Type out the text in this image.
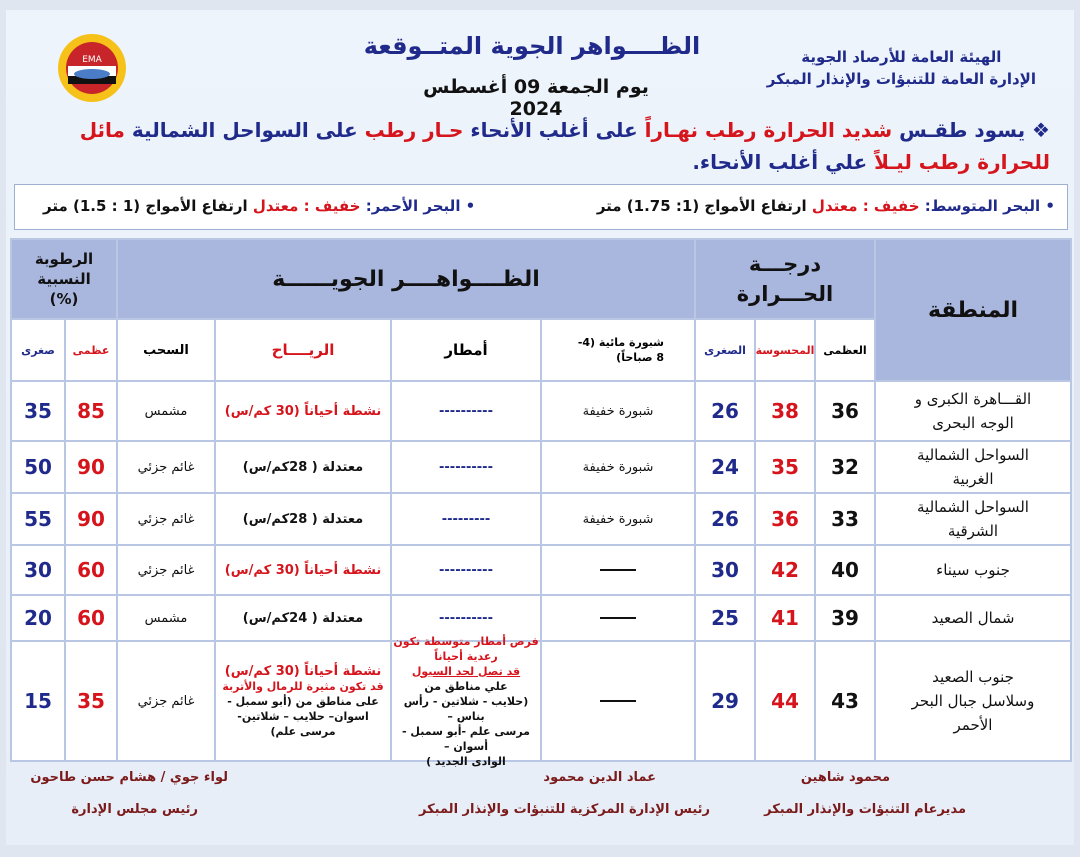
الهيئة العامة للأرصاد الجوية
الإدارة العامة للتنبؤات والإنذار المبكر
الظــــواهر الجوية المتــوقعة
يوم الجمعة 09 أغسطس 2024
EMA
❖ يسود طقـس شديد الحرارة رطب نهـاراً على أغلب الأنحاء حـار رطب على السواحل الشمالية مائل للحرارة رطب ليـلاً علي أغلب الأنحاء.
• البحر المتوسط: خفيف : معتدل ارتفاع الأمواج (1: 1.75) متر
• البحر الأحمر: خفيف : معتدل ارتفاع الأمواج (1 : 1.5) متر
المنطقة
درجـــة الحـــرارة
الظــــواهــــر الجويــــــة
الرطوبة النسبية (%)
العظمى
المحسوسة
الصغرى
شبورة مائية (4-8 صباحاً)
أمطار
الريــــاح
السحب
عظمى
صغرى
القـــاهرة الكبرى و الوجه البحرى
36
38
26
شبورة خفيفة
----------
نشطة أحياناً (30 كم/س)
مشمس
85
35
السواحل الشمالية الغربية
32
35
24
شبورة خفيفة
----------
معتدلة ( 28كم/س)
غائم جزئي
90
50
السواحل الشمالية الشرقية
33
36
26
شبورة خفيفة
---------
معتدلة ( 28كم/س)
غائم جزئي
90
55
جنوب سيناء
40
42
30
----------
نشطة أحياناً (30 كم/س)
غائم جزئي
60
30
شمال الصعيد
39
41
25
----------
معتدلة ( 24كم/س)
مشمس
60
20
جنوب الصعيد وسلاسل جبال البحر الأحمر
43
44
29
فرص أمطار متوسطة تكون
رعدية أحياناً
قد تصل لحد السيول
علي مناطق من
(حلايب - شلاتين - رأس بناس –
مرسى علم -أبو سمبل - أسوان –
الوادى الجديد )
نشطة أحياناً (30 كم/س)
قد تكون مثيرة للرمال والأتربة
على مناطق من (أبو سمبل -
اسوان– حلايب – شلاتين-
مرسى علم)
غائم جزئي
35
15
محمود شاهين
مديرعام التنبؤات والإنذار المبكر
عماد الدين محمود
رئيس الإدارة المركزية للتنبؤات والإنذار المبكر
لواء جوي / هشام حسن طاحون
رئيس مجلس الإدارة
